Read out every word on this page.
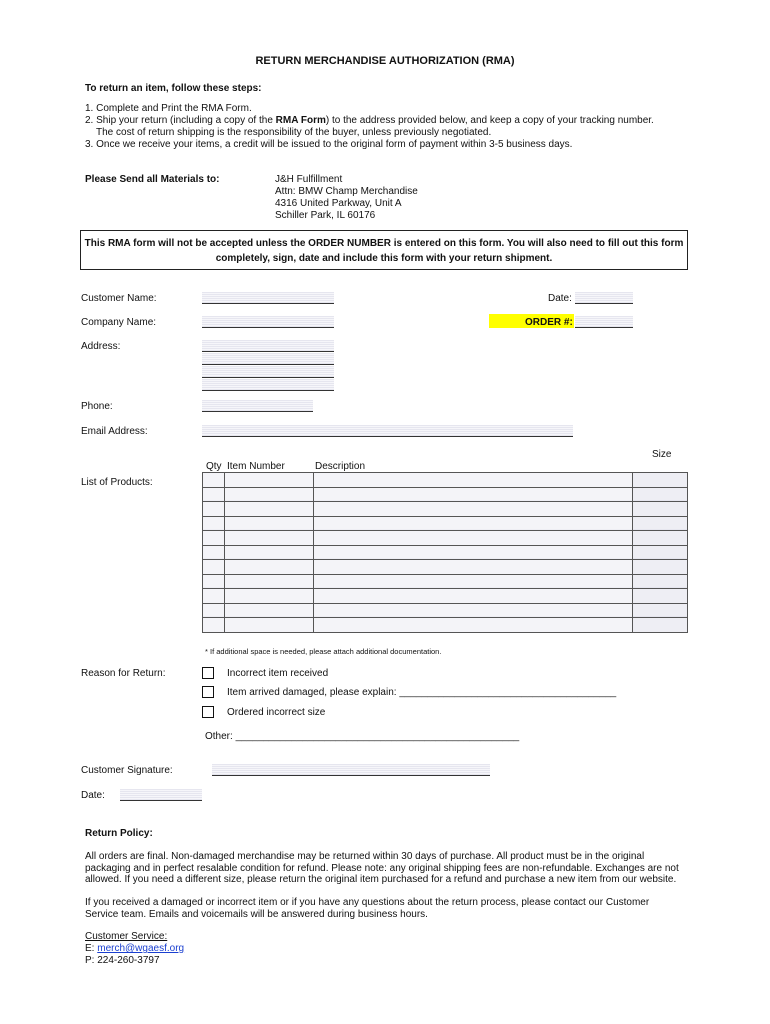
RETURN MERCHANDISE AUTHORIZATION (RMA)
To return an item, follow these steps:
1. Complete and Print the RMA Form.
2. Ship your return (including a copy of the RMA Form) to the address provided below, and keep a copy of your tracking number.
The cost of return shipping is the responsibility of the buyer, unless previously negotiated.
3. Once we receive your items, a credit will be issued to the original form of payment within 3-5 business days.
Please Send all Materials to:	J&H Fulfillment
Attn: BMW Champ Merchandise
4316 United Parkway, Unit A
Schiller Park, IL 60176
This RMA form will not be accepted unless the ORDER NUMBER is entered on this form. You will also need to fill out this form
completely, sign, date and include this form with your return shipment.
Customer Name:	Date:
Company Name:	ORDER #:
Address:
Phone:
Email Address:
Size
Qty Item Number	Description
List of Products:

* If additional space is needed, please attach additional documentation.
Reason for Return:	Incorrect item received
Item arrived damaged, please explain: _______________________________________
Ordered incorrect size
Other: ___________________________________________________
Customer Signature:
Date:
Return Policy:
All orders are final. Non-damaged merchandise may be returned within 30 days of purchase. All product must be in the original packaging and in perfect resalable condition for refund. Please note: any original shipping fees are non-refundable. Exchanges are not allowed. If you need a different size, please return the original item purchased for a refund and purchase a new item from our website.
If you received a damaged or incorrect item or if you have any questions about the return process, please contact our Customer Service team. Emails and voicemails will be answered during business hours.
Customer Service:
E: merch@wgaesf.org
P: 224-260-3797
